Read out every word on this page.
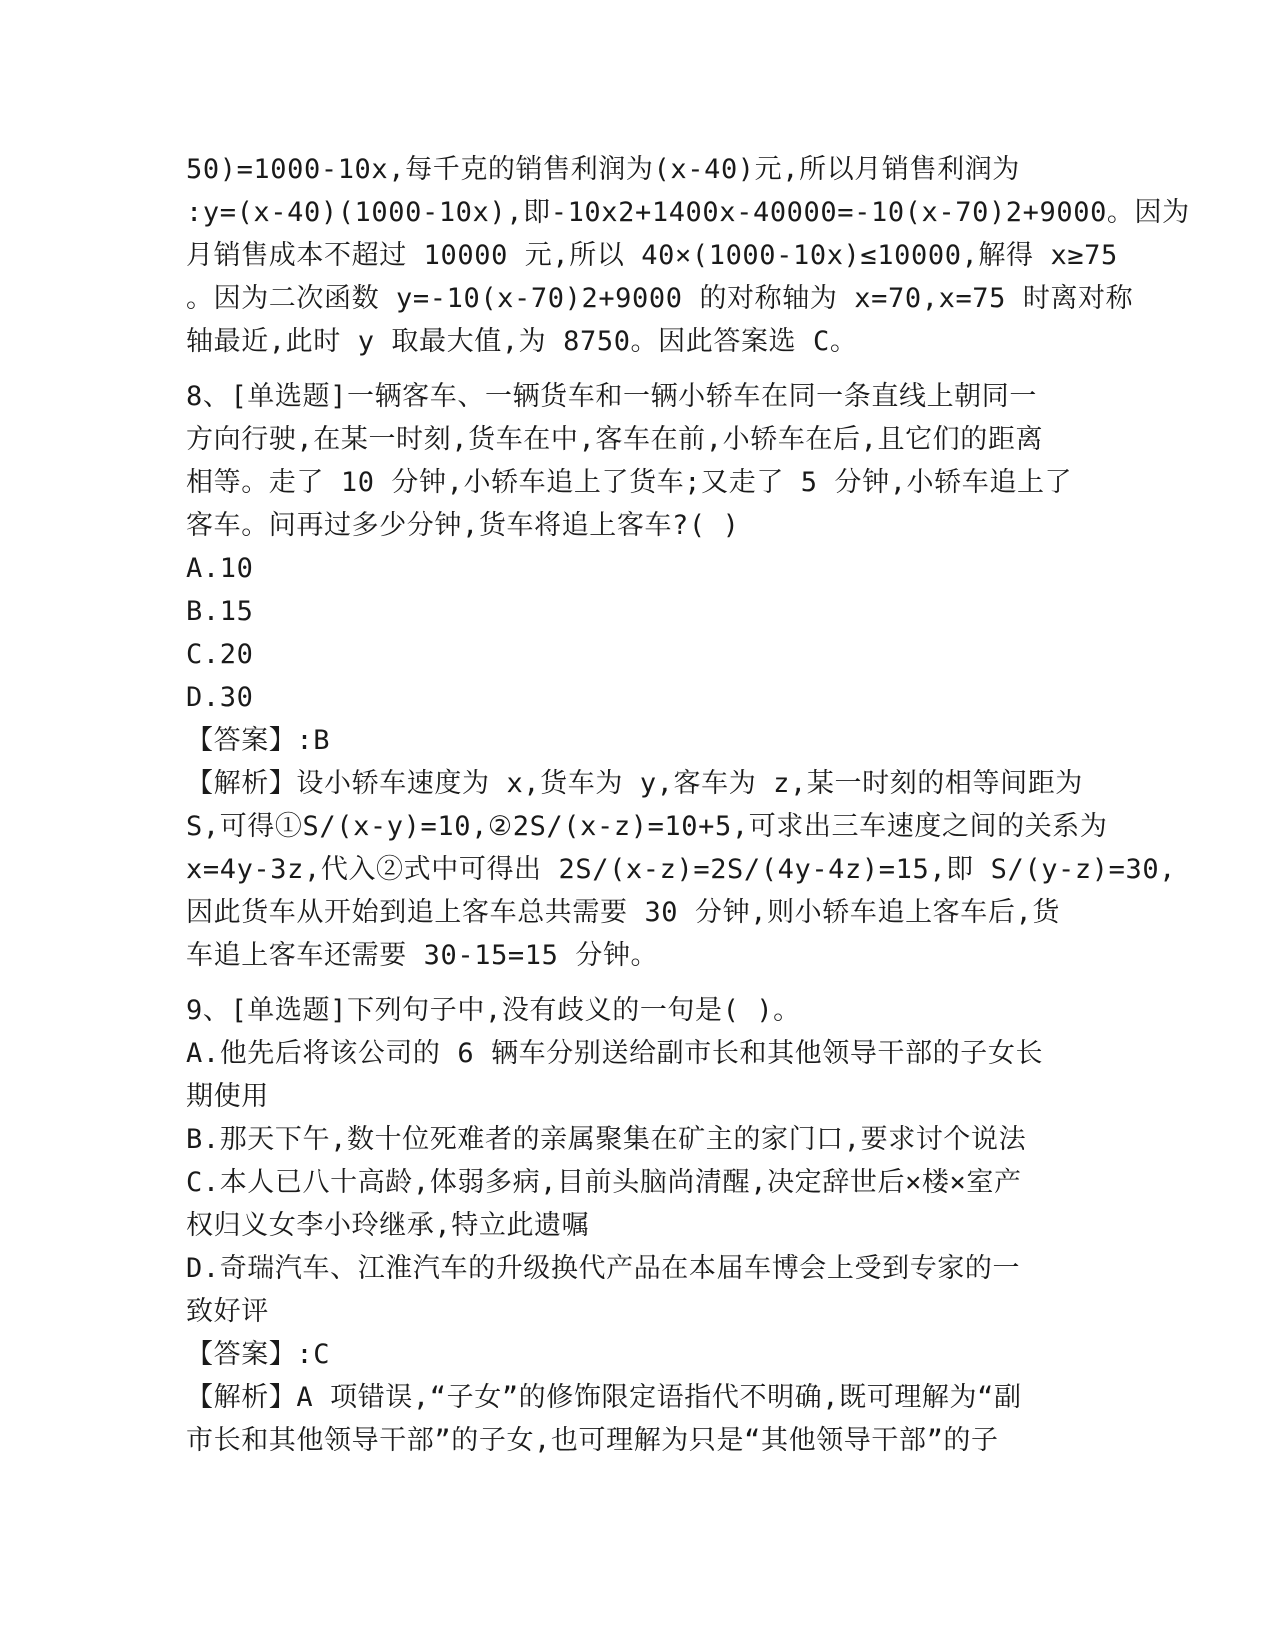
50)=1000-10x,每千克的销售利润为(x-40)元,所以月销售利润为
:y=(x-40)(1000-10x),即-10x2+1400x-40000=-10(x-70)2+9000。因为
月销售成本不超过 10000 元,所以 40×(1000-10x)≤10000,解得 x≥75
。因为二次函数 y=-10(x-70)2+9000 的对称轴为 x=70,x=75 时离对称
轴最近,此时 y 取最大值,为 8750。因此答案选 C。
8、[单选题]一辆客车、一辆货车和一辆小轿车在同一条直线上朝同一
方向行驶,在某一时刻,货车在中,客车在前,小轿车在后,且它们的距离
相等。走了 10 分钟,小轿车追上了货车;又走了 5 分钟,小轿车追上了
客车。问再过多少分钟,货车将追上客车?( )
A.10
B.15
C.20
D.30
【答案】:B
【解析】设小轿车速度为 x,货车为 y,客车为 z,某一时刻的相等间距为
S,可得①S/(x-y)=10,②2S/(x-z)=10+5,可求出三车速度之间的关系为
x=4y-3z,代入②式中可得出 2S/(x-z)=2S/(4y-4z)=15,即 S/(y-z)=30,
因此货车从开始到追上客车总共需要 30 分钟,则小轿车追上客车后,货
车追上客车还需要 30-15=15 分钟。
9、[单选题]下列句子中,没有歧义的一句是( )。
A.他先后将该公司的 6 辆车分别送给副市长和其他领导干部的子女长
期使用
B.那天下午,数十位死难者的亲属聚集在矿主的家门口,要求讨个说法
C.本人已八十高龄,体弱多病,目前头脑尚清醒,决定辞世后×楼×室产
权归义女李小玲继承,特立此遗嘱
D.奇瑞汽车、江淮汽车的升级换代产品在本届车博会上受到专家的一
致好评
【答案】:C
【解析】A 项错误,“子女”的修饰限定语指代不明确,既可理解为“副
市长和其他领导干部”的子女,也可理解为只是“其他领导干部”的子
